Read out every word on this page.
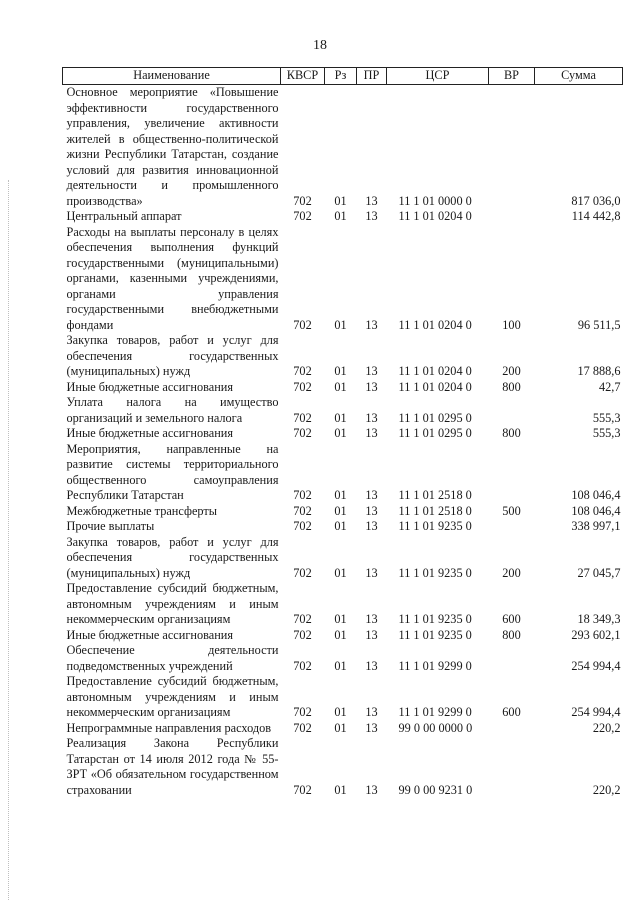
18
Наименование	КВСР	Рз	ПР	ЦСР	ВР	Сумма
Основное мероприятие «Повышение эффективности государственного управления, увеличение активности жителей в общественно-политической жизни Республики Татарстан, создание условий для развития инновационной деятельности и промышленного производства»	702	01	13	11 1 01 0000 0		817 036,0
Центральный аппарат	702	01	13	11 1 01 0204 0		114 442,8
Расходы на выплаты персоналу в целях обеспечения выполнения функций государственными (муниципальными) органами, казенными учреждениями, органами управления государственными внебюджетными фондами	702	01	13	11 1 01 0204 0	100	96 511,5
Закупка товаров, работ и услуг для обеспечения государственных (муниципальных) нужд	702	01	13	11 1 01 0204 0	200	17 888,6
Иные бюджетные ассигнования	702	01	13	11 1 01 0204 0	800	42,7
Уплата налога на имущество организаций и земельного налога	702	01	13	11 1 01 0295 0		555,3
Иные бюджетные ассигнования	702	01	13	11 1 01 0295 0	800	555,3
Мероприятия, направленные на развитие системы территориального общественного самоуправления Республики Татарстан	702	01	13	11 1 01 2518 0		108 046,4
Межбюджетные трансферты	702	01	13	11 1 01 2518 0	500	108 046,4
Прочие выплаты	702	01	13	11 1 01 9235 0		338 997,1
Закупка товаров, работ и услуг для обеспечения государственных (муниципальных) нужд	702	01	13	11 1 01 9235 0	200	27 045,7
Предоставление субсидий бюджетным, автономным учреждениям и иным некоммерческим организациям	702	01	13	11 1 01 9235 0	600	18 349,3
Иные бюджетные ассигнования	702	01	13	11 1 01 9235 0	800	293 602,1
Обеспечение деятельности подведомственных учреждений	702	01	13	11 1 01 9299 0		254 994,4
Предоставление субсидий бюджетным, автономным учреждениям и иным некоммерческим организациям	702	01	13	11 1 01 9299 0	600	254 994,4
Непрограммные направления расходов	702	01	13	99 0 00 0000 0		220,2
Реализация Закона Республики Татарстан от 14 июля 2012 года № 55-ЗРТ «Об обязательном государственном страховании	702	01	13	99 0 00 9231 0		220,2
